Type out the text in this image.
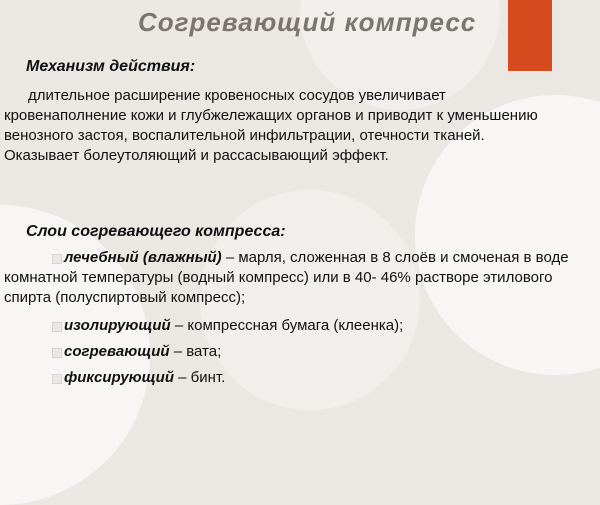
Согревающий компресс
Механизм действия:

длительное расширение кровеносных сосудов увеличивает кровенаполнение кожи и глубжележащих органов и приводит к уменьшению венозного застоя, воспалительной инфильтрации, отечности тканей. Оказывает болеутоляющий и рассасывающий эффект.

Слои согревающего компресса:
лечебный (влажный) – марля, сложенная в 8 слоёв и смоченая в воде комнатной температуры (водный компресс) или в 40- 46% растворе этилового спирта (полуспиртовый компресс);
изолирующий – компрессная бумага (клеенка);
согревающий – вата;
фиксирующий – бинт.
